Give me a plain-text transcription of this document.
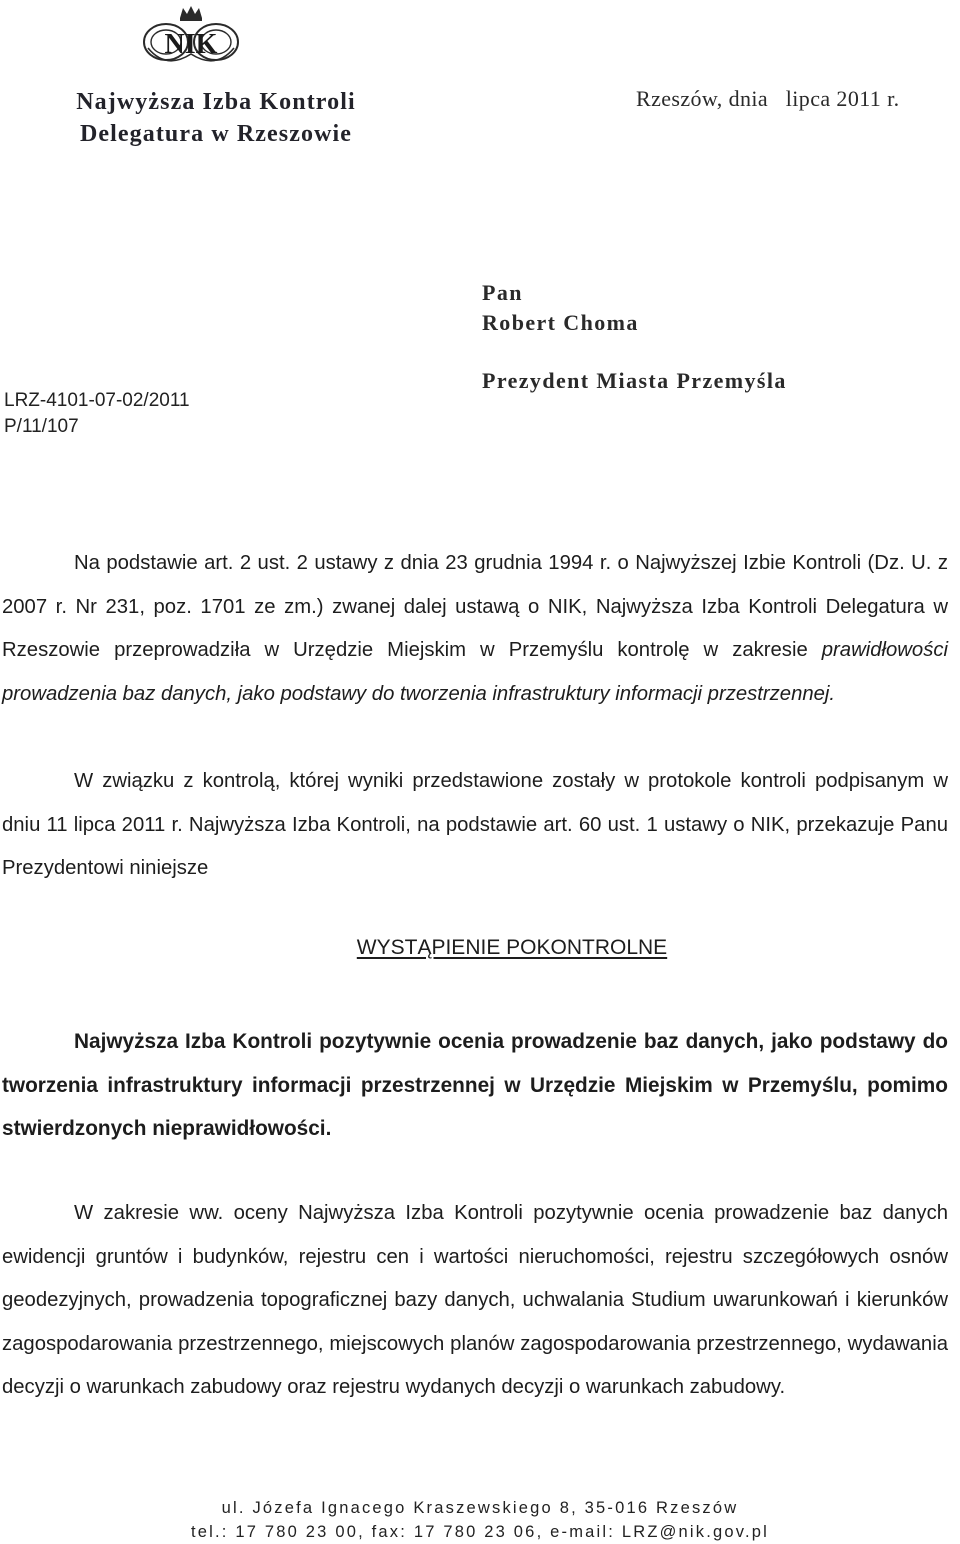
NIK
Najwyższa Izba Kontroli
Delegatura w Rzeszowie
Rzeszów, dnia   lipca 2011 r.
Pan
Robert Choma
Prezydent Miasta Przemyśla
LRZ-4101-07-02/2011
P/11/107
Na podstawie art. 2 ust. 2 ustawy z dnia 23 grudnia 1994 r. o Najwyższej Izbie Kontroli (Dz. U. z 2007 r. Nr 231, poz. 1701 ze zm.) zwanej dalej ustawą o NIK, Najwyższa Izba Kontroli Delegatura w Rzeszowie przeprowadziła w Urzędzie Miejskim w Przemyślu kontrolę w zakresie prawidłowości prowadzenia baz danych, jako podstawy do tworzenia infrastruktury informacji przestrzennej.
W związku z kontrolą, której wyniki przedstawione zostały w protokole kontroli podpisanym w dniu 11 lipca 2011 r. Najwyższa Izba Kontroli, na podstawie art. 60 ust. 1 ustawy o NIK, przekazuje Panu Prezydentowi niniejsze
WYSTĄPIENIE POKONTROLNE
Najwyższa Izba Kontroli pozytywnie ocenia prowadzenie baz danych, jako podstawy do tworzenia infrastruktury informacji przestrzennej w Urzędzie Miejskim w Przemyślu, pomimo stwierdzonych nieprawidłowości.
W zakresie ww. oceny Najwyższa Izba Kontroli pozytywnie ocenia prowadzenie baz danych ewidencji gruntów i budynków, rejestru cen i wartości nieruchomości, rejestru szczegółowych osnów geodezyjnych, prowadzenia topograficznej bazy danych, uchwalania Studium uwarunkowań i kierunków zagospodarowania przestrzennego, miejscowych planów zagospodarowania przestrzennego, wydawania decyzji o warunkach zabudowy oraz rejestru wydanych decyzji o warunkach zabudowy.
ul. Józefa Ignacego Kraszewskiego 8, 35-016 Rzeszów
tel.: 17 780 23 00, fax: 17 780 23 06, e-mail: LRZ@nik.gov.pl
